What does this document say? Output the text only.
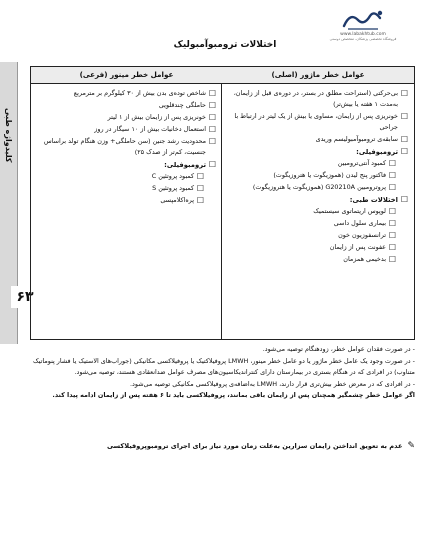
کلیدواژه طبی
۶۳
www.labakhtub.com
فروشگاه تخصصی پزشکان، متخصص دوستی
اختلالات ترومبوآمبولیک
عوامل خطر ماژور (اصلی)
☐
بی‌حرکتی (استراحت مطلق در بستر، در دوره‌ی قبل از زایمان، به‌مدت ۱ هفته یا بیش‌تر)
☐
خونریزی پس از زایمان، مساوی یا بیش از یک لیتر در ارتباط با جراحی
☐
سابقه‌ی ترومبوآمبولیسم وریدی
☐
ترومبوفیلی:
☐
کمبود آنتی‌ترومبین
☐
فاکتور پنج لیدن (هموزیگوت یا هتروزیگوت)
☐
پروترومبین G20210A (هموزیگوت یا هتروزیگوت)
☐
اختلالات طبی:
☐
لوپوس اریتماتوی سیستمیک
☐
بیماری سلول داسی
☐
ترانسفوزیون خون
☐
عفونت پس از زایمان
☐
بدخیمی همزمان
عوامل خطر مینور (فرعی)
☐
شاخص توده‌ی بدن بیش از ۳۰ کیلوگرم بر مترمربع
☐
حاملگی چندقلویی
☐
خونریزی پس از زایمان بیش از ۱ لیتر
☐
استعمال دخانیات بیش از ۱۰ سیگار در روز
☐
محدودیت رشد جنین (سن حاملگی+ وزن هنگام تولد براساس جنسیت، کم‌تر از صدک ۲۵)
☐
ترومبوفیلی:
☐
کمبود پروتئین C
☐
کمبود پروتئین S
☐
پره‌اکلامپسی

- در صورت فقدان عوامل خطر، زودهنگام توصیه می‌شود.

- در صورت وجود یک عامل خطر ماژور یا دو عامل خطر مینور، LMWH پروفیلاکتیک یا پروفیلاکسی مکانیکی (جوراب‌های الاستیک یا فشار پنوماتیک متناوب) در افرادی که در هنگام بستری در بیمارستان دارای کنتراندیکاسیون‌های مصرف عوامل ضدانعقادی هستند، توصیه می‌شود.

- در افرادی که در معرض خطر بیش‌تری قرار دارند، LMWH به‌اضافه‌ی پروفیلاکسی مکانیکی توصیه می‌شود.

اگر عوامل خطر چشمگیر همچنان پس از زایمان باقی بمانند، پروفیلاکسی باید تا ۶ هفته پس از زایمان ادامه پیدا کند.

✎عدم به تعویق انداختن زایمان سزارین به‌علت زمان مورد نیاز برای اجرای ترومبوپروفیلاکسی
